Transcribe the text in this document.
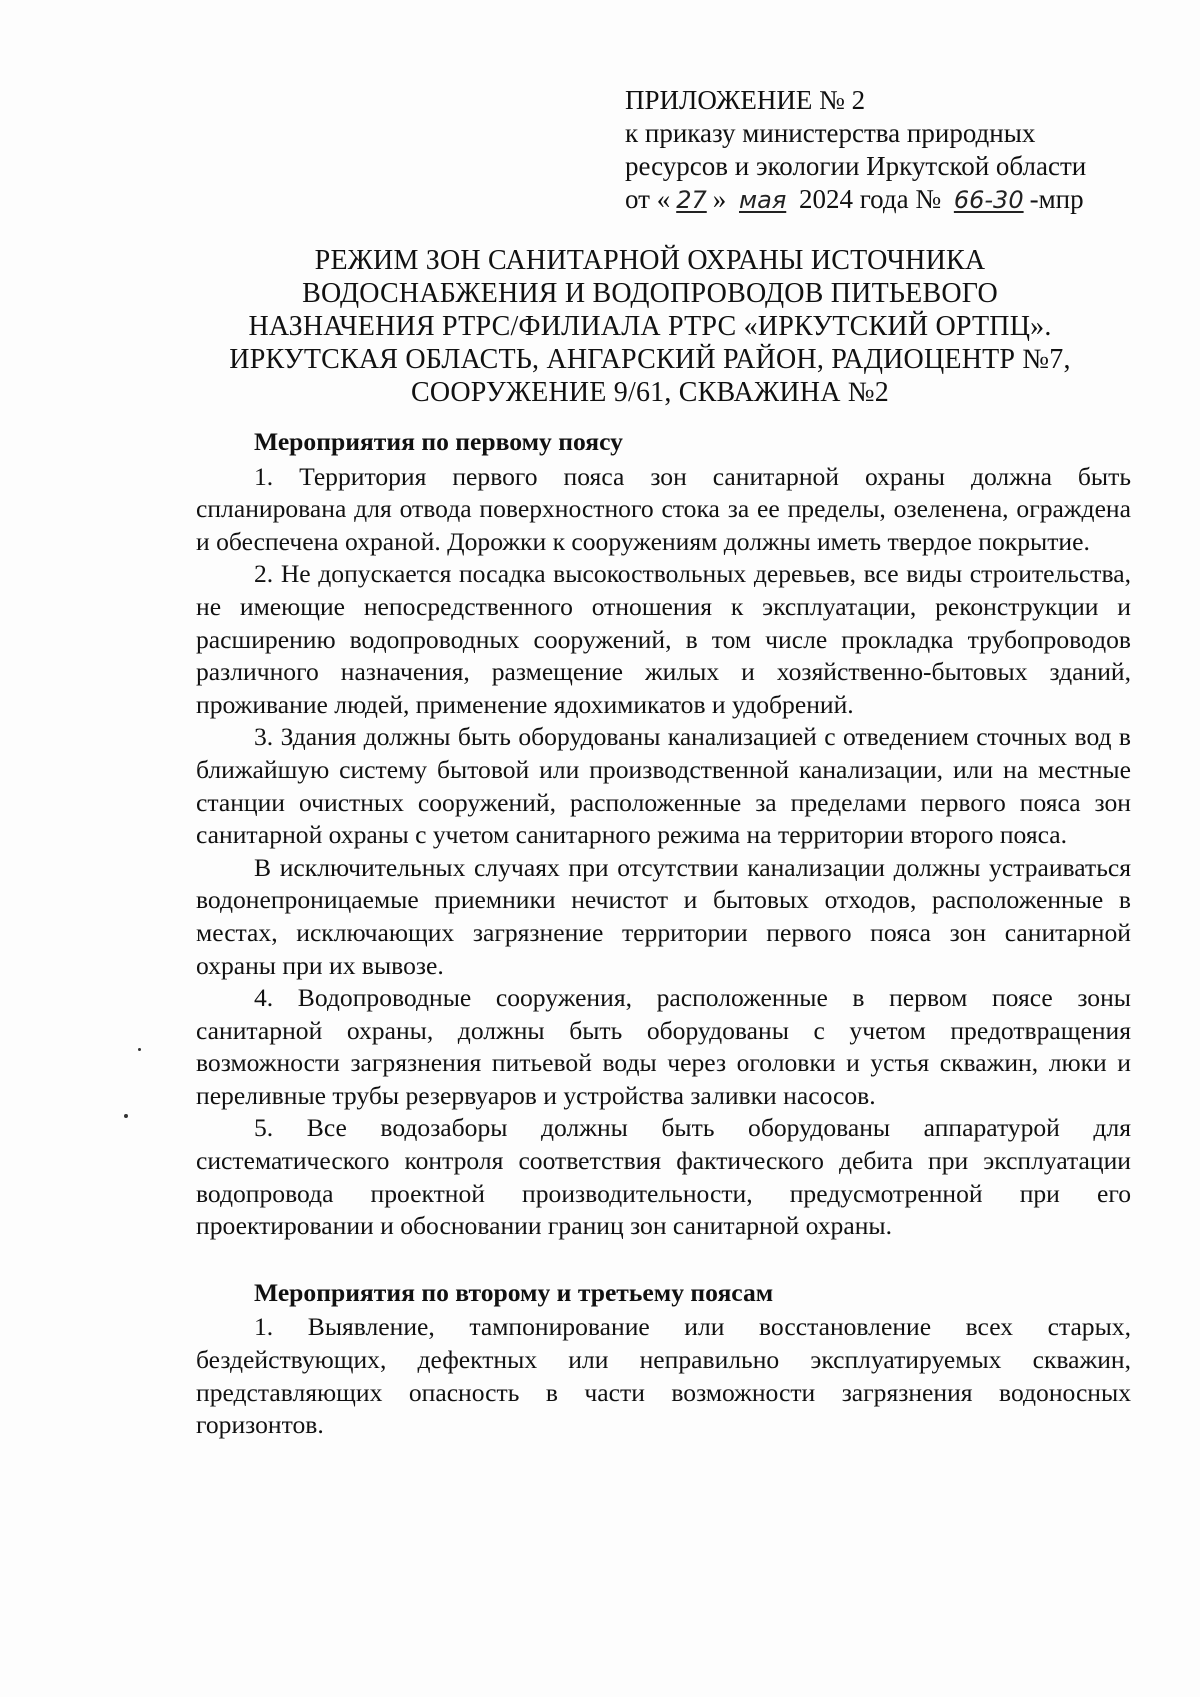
ПРИЛОЖЕНИЕ № 2
к приказу министерства природных
ресурсов и экологии Иркутской области
от « 27 » мая 2024 года № 66-30 -мпр
РЕЖИМ ЗОН САНИТАРНОЙ ОХРАНЫ ИСТОЧНИКА
ВОДОСНАБЖЕНИЯ И ВОДОПРОВОДОВ ПИТЬЕВОГО
НАЗНАЧЕНИЯ РТРС/ФИЛИАЛА РТРС «ИРКУТСКИЙ ОРТПЦ».
ИРКУТСКАЯ ОБЛАСТЬ, АНГАРСКИЙ РАЙОН, РАДИОЦЕНТР №7,
СООРУЖЕНИЕ 9/61, СКВАЖИНА №2
Мероприятия по первому поясу

1. Территория первого пояса зон санитарной охраны должна быть спланирована для отвода поверхностного стока за ее пределы, озеленена, ограждена и обеспечена охраной. Дорожки к сооружениям должны иметь твердое покрытие.

2. Не допускается посадка высокоствольных деревьев, все виды строительства, не имеющие непосредственного отношения к эксплуатации, реконструкции и расширению водопроводных сооружений, в том числе прокладка трубопроводов различного назначения, размещение жилых и хозяйственно-бытовых зданий, проживание людей, применение ядохимикатов и удобрений.

3. Здания должны быть оборудованы канализацией с отведением сточных вод в ближайшую систему бытовой или производственной канализации, или на местные станции очистных сооружений, расположенные за пределами первого пояса зон санитарной охраны с учетом санитарного режима на территории второго пояса.

В исключительных случаях при отсутствии канализации должны устраиваться водонепроницаемые приемники нечистот и бытовых отходов, расположенные в местах, исключающих загрязнение территории первого пояса зон санитарной охраны при их вывозе.

4. Водопроводные сооружения, расположенные в первом поясе зоны санитарной охраны, должны быть оборудованы с учетом предотвращения возможности загрязнения питьевой воды через оголовки и устья скважин, люки и переливные трубы резервуаров и устройства заливки насосов.

5. Все водозаборы должны быть оборудованы аппаратурой для систематического контроля соответствия фактического дебита при эксплуатации водопровода проектной производительности, предусмотренной при его проектировании и обосновании границ зон санитарной охраны.

Мероприятия по второму и третьему поясам

1. Выявление, тампонирование или восстановление всех старых, бездействующих, дефектных или неправильно эксплуатируемых скважин, представляющих опасность в части возможности загрязнения водоносных горизонтов.
